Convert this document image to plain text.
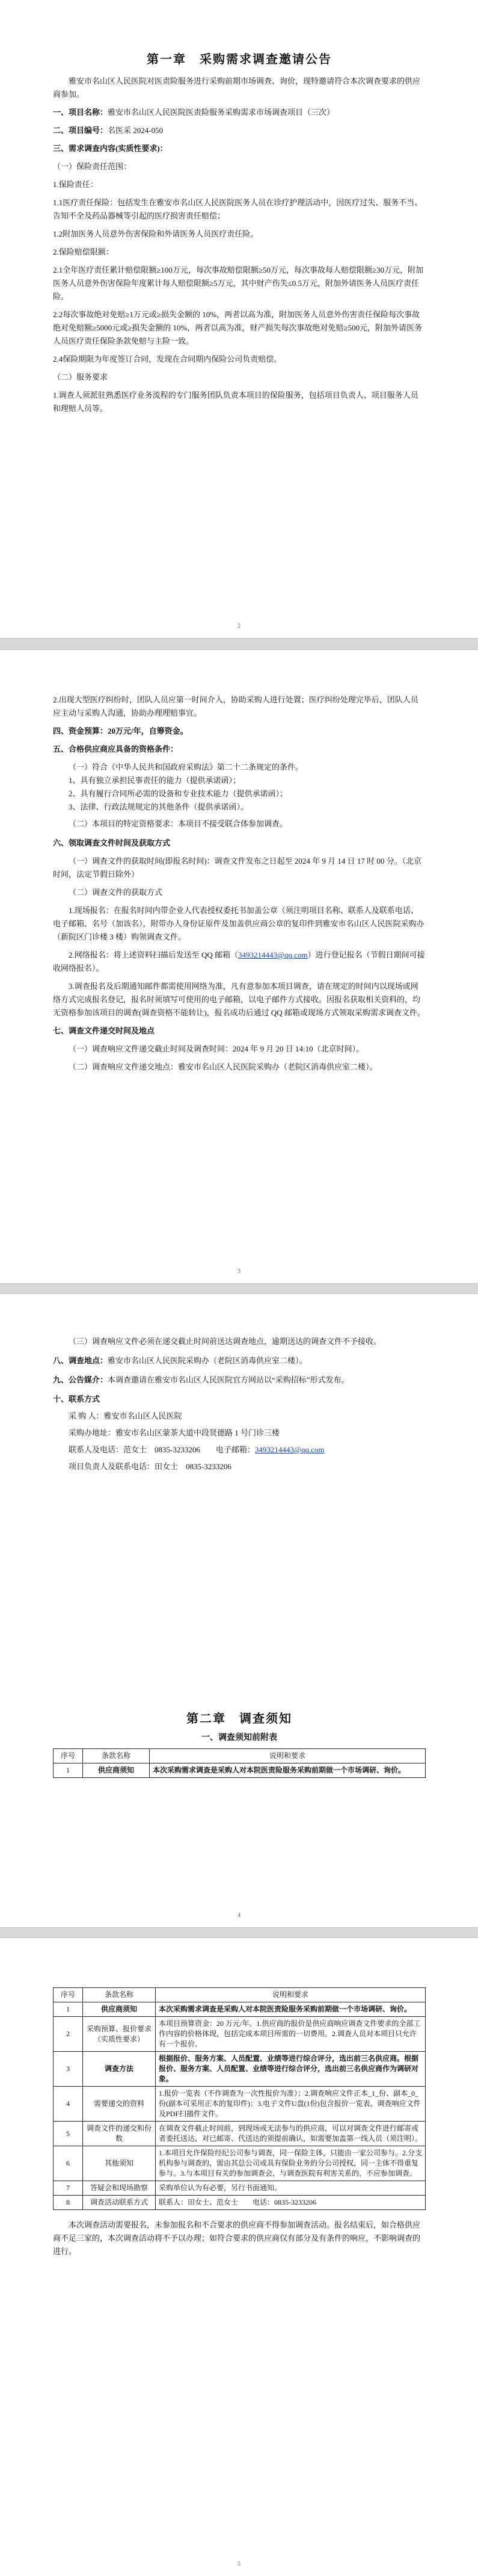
第一章　采购需求调查邀请公告

雅安市名山区人民医院对医责险服务进行采购前期市场调查、询价，现特邀请符合本次调查要求的供应商参加。

一、项目名称：雅安市名山区人民医院医责险服务采购需求市场调查项目（三次）

二、项目编号：名医采 2024-050

三、需求调查内容(实质性要求)：

（一）保险责任范围：

1.保险责任：

1.1医疗责任保险：包括发生在雅安市名山区人民医院医务人员在诊疗护理活动中，因医疗过失、服务不当、告知不全及药品器械等引起的医疗损害责任赔偿；

1.2附加医务人员意外伤害保险和外请医务人员医疗责任险。

2.保险赔偿限额：

2.1全年医疗责任累计赔偿限额≥100万元，每次事故赔偿限额≥50万元，每次事故每人赔偿限额≥30万元，附加医务人员意外伤害保险年度累计每人赔偿限额≥5万元，其中财产伤失≤0.5万元，附加外请医务人员医疗责任险。

2.2每次事故绝对免赔≥1万元或≥损失金额的 10%，两者以高为准，附加医务人员意外伤害责任保险每次事故绝对免赔额≥5000元或≥损失金额的 10%，两者以高为准，财产损失每次事故绝对免赔≥500元，附加外请医务人员医疗责任保险条款免赔与主险一致。

2.4保险期限为年度签订合同，发现在合同期内保险公司负责赔偿。

（二）服务要求

1.调查人须派驻熟悉医疗业务流程的专门服务团队负责本项目的保险服务，包括项目负责人、项目服务人员和理赔人员等。

2

2.出现大型医疗纠纷时，团队人员应第一时间介入，协助采购人进行处置；医疗纠纷处理完毕后，团队人员应主动与采购人沟通，协助办理理赔事宜。

四、资金预算：20万元/年，自筹资金。

五、合格供应商应具备的资格条件：

（一）符合《中华人民共和国政府采购法》第二十二条规定的条件。

1、具有独立承担民事责任的能力（提供承诺函）；

2、具有履行合同所必需的设备和专业技术能力（提供承诺函）；

3、法律、行政法规规定的其他条件（提供承诺函）。

（二）本项目的特定资格要求：本项目不接受联合体参加调查。

六、领取调查文件时间及获取方式

（一）调查文件的获取时间(即报名时间)：调查文件发布之日起至 2024 年 9 月 14 日 17 时 00 分。（北京时间，法定节假日除外）

（二）调查文件的获取方式

1.现场报名：在报名时间内带企业人代表授权委托书加盖公章（须注明项目名称、联系人及联系电话、电子邮箱、名号（加该名），附带办人身份证原件及加盖供应商公章的复印件到雅安市名山区人民医院采购办（新院区门诊楼 3 楼）购领调查文件。

2.网络报名：将上述资料扫描后发送至 QQ 邮箱（3493214443@qq.com）进行登记报名（节假日期间可接收网络报名）。

3.调查报名及后期通知邮件都需使用网络为准，凡有意参加本项目调查，请在规定的时间内以现场或网络方式完成报名登记，报名时须填写可使用的电子邮箱，以电子邮件方式接收。因报名获取相关资料的，均无资格参加该项目的调查(调查资格不能转让)，报名成功后通过 QQ 邮箱或现场方式领取采购需求调查文件。

七、调查文件递交时间及地点

（一）调查响应文件递交截止时间及调查时间：2024 年 9 月 20 日 14:10（北京时间）。

（二）调查响应文件递交地点：雅安市名山区人民医院采购办（老院区消毒供应室二楼）。

3

（三）调查响应文件必须在递交截止时间前送达调查地点，逾期送达的调查文件不予接收。

八、调查地点：雅安市名山区人民医院采购办（老院区消毒供应室二楼）。

九、公告媒介：本调查邀请在雅安市名山区人民医院官方网站以“采购招标”形式发布。

十、联系方式

采 购 人：雅安市名山区人民医院

采购办地址：雅安市名山区蒙茶大道中段贤德路 1 号门诊三楼

联系人及电话：范女士　0835-3233206　　电子邮箱：3493214443@qq.com

项目负责人及联系电话：田女士　0835-3233206

第二章　调查须知

一、调查须知前附表

序号	条款名称	说明和要求
1	供应商须知	本次采购需求调查是采购人对本院医责险服务采购前期做一个市场调研、询价。
4
序号	条款名称	说明和要求
1	供应商须知	本次采购需求调查是采购人对本院医责险服务采购前期做一个市场调研、询价。
2	采购预算、报价要求（实质性要求）	本项目预算资金：20 万元/年。1.供应商的报价是供应商响应调查文件要求的全部工作内容的价格体现，包括完成本项目所需的一切费用。2.调查人员对本项目只允许有一个报价。
3	调查方法	根据报价、服务方案、人员配置、业绩等进行综合评分，选出前三名供应商。根据报价、服务方案、人员配置、业绩等进行综合评分，选出前三名供应商作为调研对象。
4	需要递交的资料	1.报价一览表（不作调查为一次性报价为准）；2.调查响应文件正本_1_份、副本_0_份(副本可采用正本的复印件)；3.电子文件U盘(1份)包含报价一览表、调查响应文件及PDF扫描件文件。
5	调查文件的递交和份数	在调查文件截止时间前，到现场或无法参与的供应商，可以对调查文件进行邮寄或者委托送达，对已邮寄、代送达的须提前确认，如需要加盖第一线人员（须注明）。
6	其他须知	1.本项目允许保险经纪公司参与调查，同一保险主体，只能由一家公司参与。2.分支机构参与调查的，需由其总公司或具有保险业务的分公司授权，同一主体不得重复参与。3.与本项目有关的参加调查会，与调查医院有利害关系的，不应参加调查。
7	答疑会和现场勘察	采购单位认为有必要，另行书面通知。
8	调查活动联系方式	联系人：田女士、范女士　　电话：0835-3233206

本次调查活动需要报名，未参加报名和不合要求的供应商不得参加调查活动。报名结束后，如合格供应商不足三家的，本次调查活动将不予以办理；如符合要求的供应商仅有部分及有条件的响应，不影响调查的进行。

5
